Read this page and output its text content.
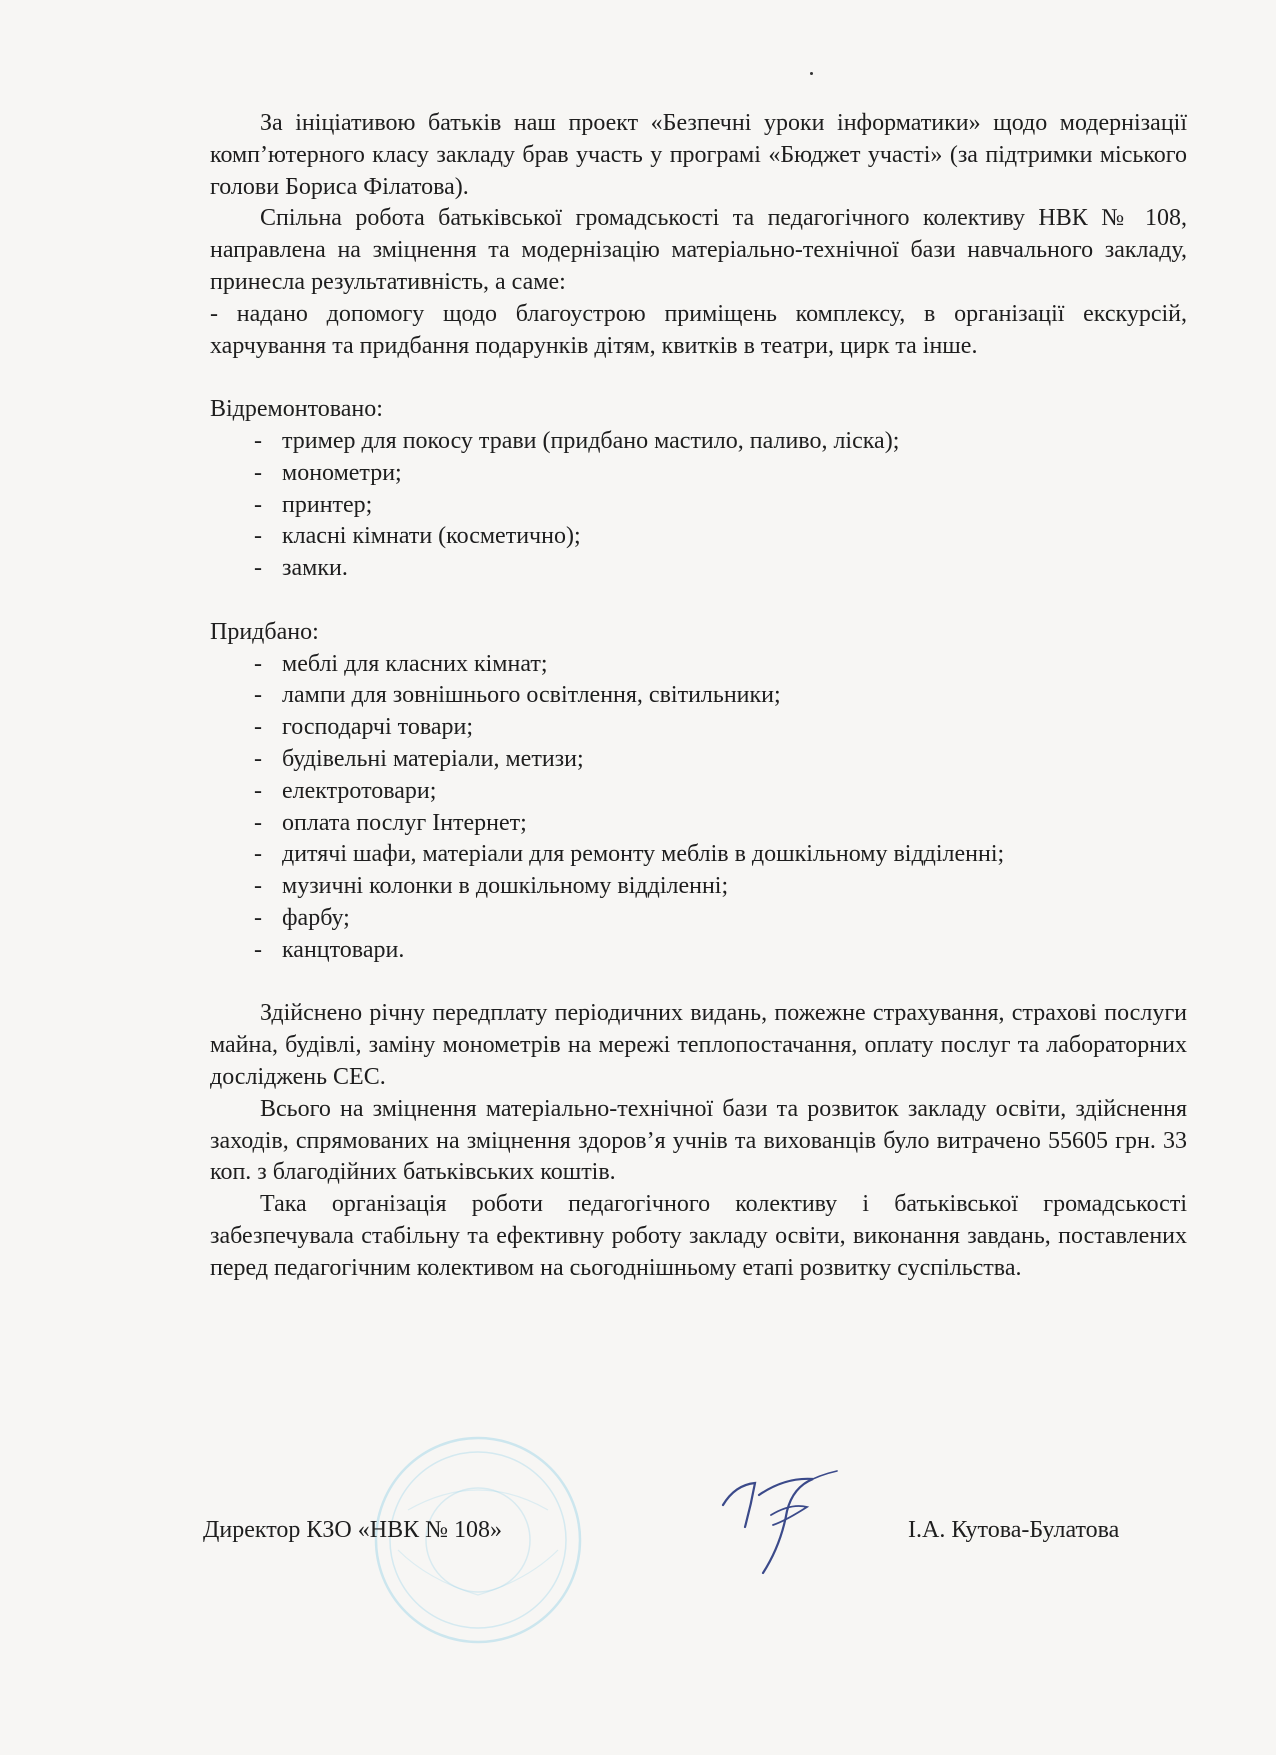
За ініціативою батьків наш проект «Безпечні уроки інформатики» щодо модернізації комп’ютерного класу закладу брав участь у програмі «Бюджет участі» (за підтримки міського голови Бориса Філатова).

Спільна робота батьківської громадськості та педагогічного колективу НВК № 108, направлена на зміцнення та модернізацію матеріально-технічної бази навчального закладу, принесла результативність, а саме:

- надано допомогу щодо благоустрою приміщень комплексу, в організації екскурсій, харчування та придбання подарунків дітям, квитків в театри, цирк та інше.

Відремонтовано:

- тример для покосу трави (придбано мастило, паливо, ліска);
- монометри;
- принтер;
- класні кімнати (косметично);
- замки.

Придбано:

- меблі для класних кімнат;
- лампи для зовнішнього освітлення, світильники;
- господарчі товари;
- будівельні матеріали, метизи;
- електротовари;
- оплата послуг Інтернет;
- дитячі шафи, матеріали для ремонту меблів в дошкільному відділенні;
- музичні колонки в дошкільному відділенні;
- фарбу;
- канцтовари.

Здійснено річну передплату періодичних видань, пожежне страхування, страхові послуги майна, будівлі, заміну монометрів на мережі теплопостачання, оплату послуг та лабораторних досліджень СЕС.

Всього на зміцнення матеріально-технічної бази та розвиток закладу освіти, здійснення заходів, спрямованих на зміцнення здоров’я учнів та вихованців було витрачено 55605 грн. 33 коп. з благодійних батьківських коштів.

Така організація роботи педагогічного колективу і батьківської громадськості забезпечувала стабільну та ефективну роботу закладу освіти, виконання завдань, поставлених перед педагогічним колективом на сьогоднішньому етапі розвитку суспільства.

Директор КЗО «НВК № 108»	І.А. Кутова-Булатова
